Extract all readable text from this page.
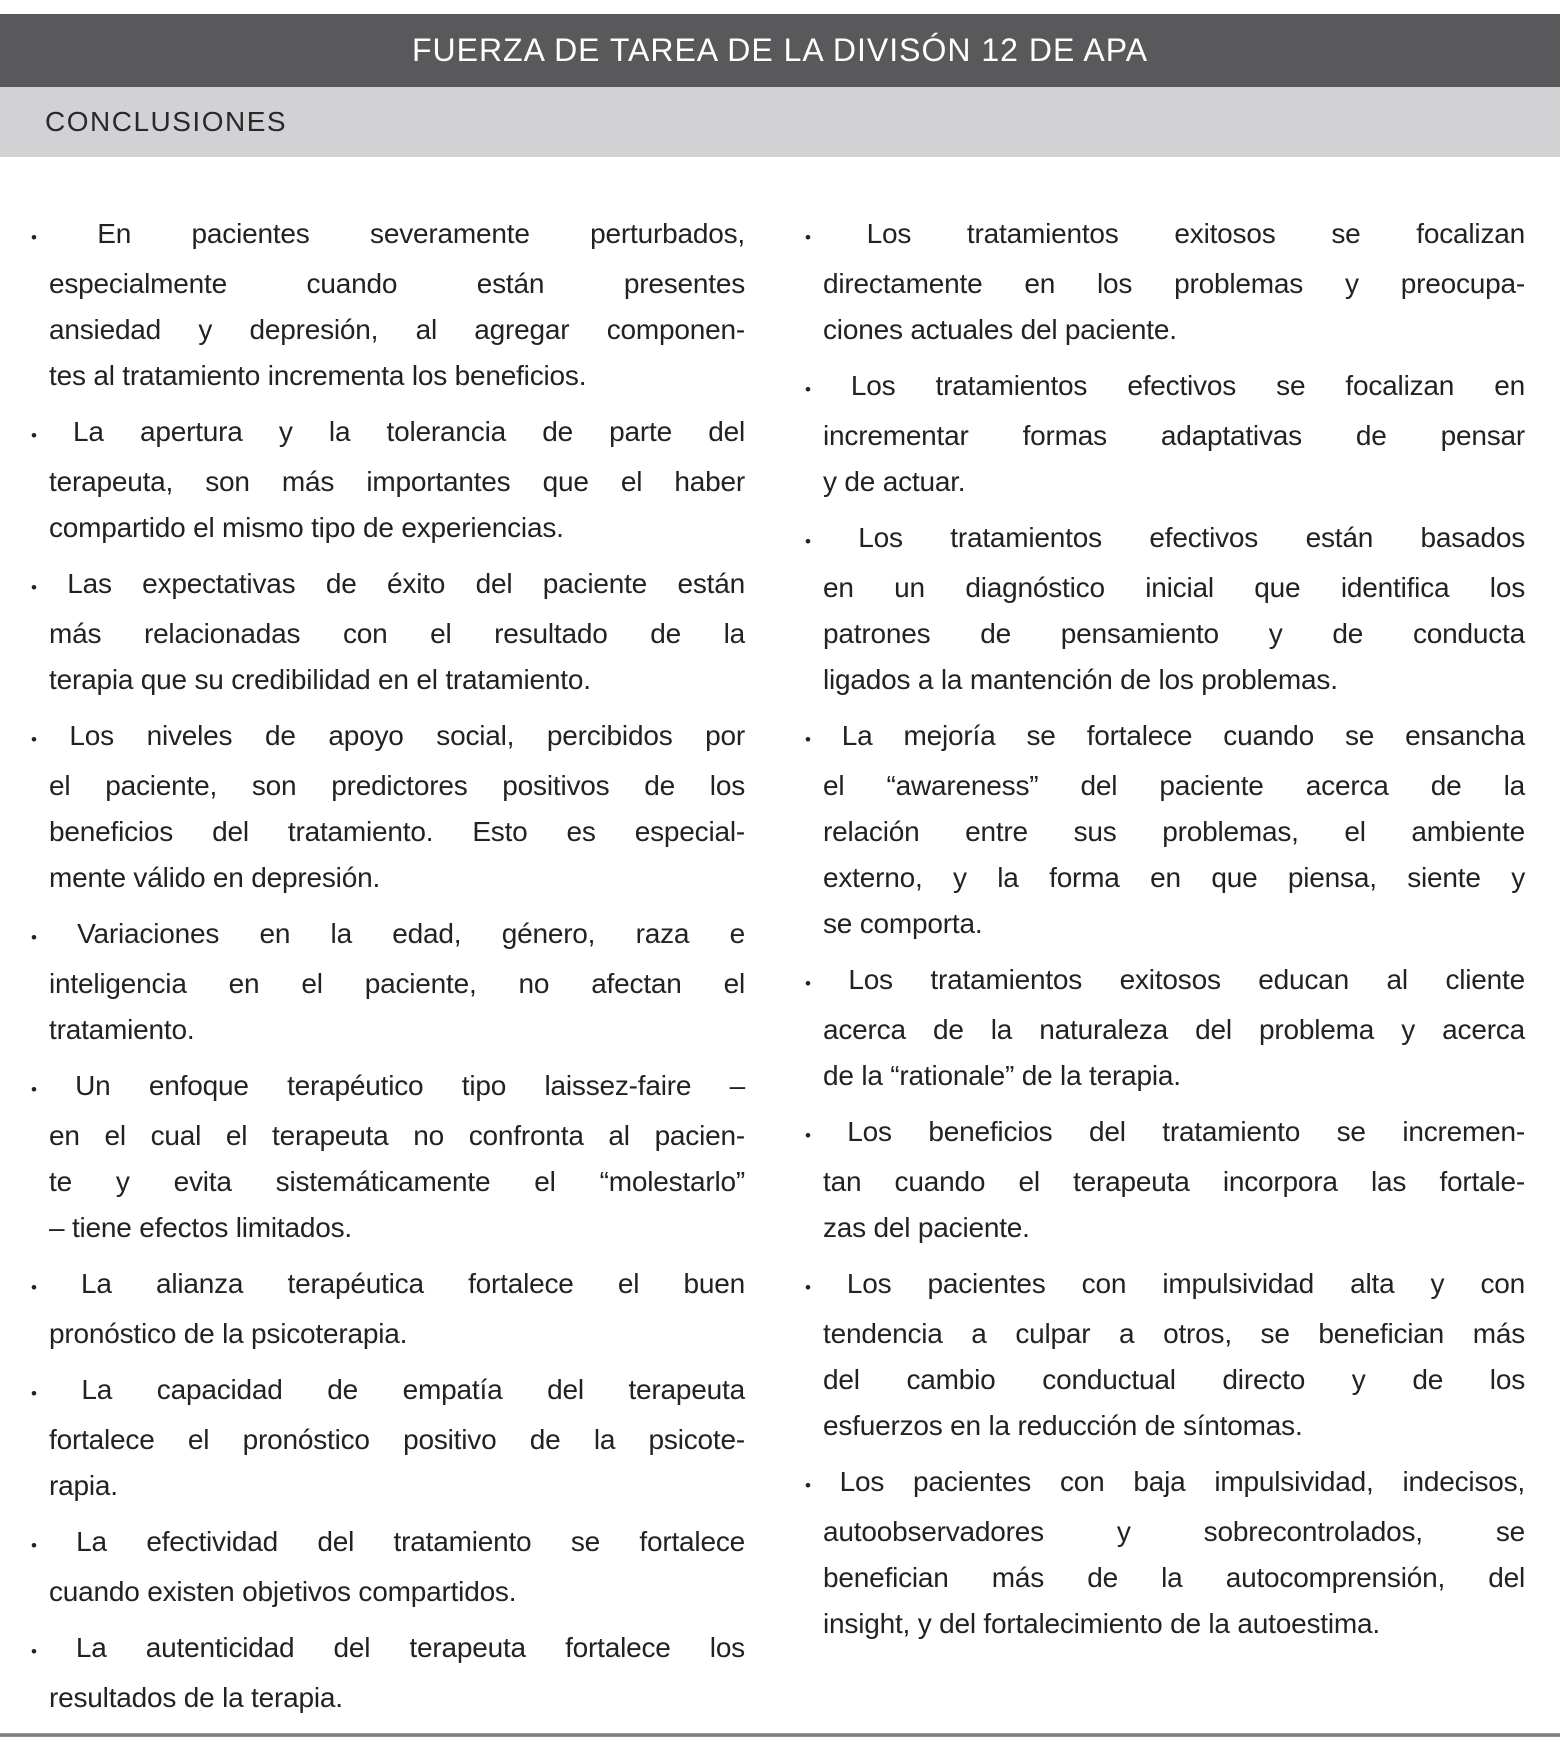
FUERZA DE TAREA DE LA DIVISÓN 12 DE APA
CONCLUSIONES
• En pacientes severamente perturbados,
especialmente cuando están presentes
ansiedad y depresión, al agregar componen-
tes al tratamiento incrementa los beneficios.
• La apertura y la tolerancia de parte del
terapeuta, son más importantes que el haber
compartido el mismo tipo de experiencias.
• Las expectativas de éxito del paciente están
más relacionadas con el resultado de la
terapia que su credibilidad en el tratamiento.
• Los niveles de apoyo social, percibidos por
el paciente, son predictores positivos de los
beneficios del tratamiento. Esto es especial-
mente válido en depresión.
• Variaciones en la edad, género, raza e
inteligencia en el paciente, no afectan el
tratamiento.
• Un enfoque terapéutico tipo laissez-faire –
en el cual el terapeuta no confronta al pacien-
te y evita sistemáticamente el “molestarlo”
– tiene efectos limitados.
• La alianza terapéutica fortalece el buen
pronóstico de la psicoterapia.
• La capacidad de empatía del terapeuta
fortalece el pronóstico positivo de la psicote-
rapia.
• La efectividad del tratamiento se fortalece
cuando existen objetivos compartidos.
• La autenticidad del terapeuta fortalece los
resultados de la terapia.
• Los tratamientos exitosos se focalizan
directamente en los problemas y preocupa-
ciones actuales del paciente.
• Los tratamientos efectivos se focalizan en
incrementar formas adaptativas de pensar
y de actuar.
• Los tratamientos efectivos están basados
en un diagnóstico inicial que identifica los
patrones de pensamiento y de conducta
ligados a la mantención de los problemas.
• La mejoría se fortalece cuando se ensancha
el “awareness” del paciente acerca de la
relación entre sus problemas, el ambiente
externo, y la forma en que piensa, siente y
se comporta.
• Los tratamientos exitosos educan al cliente
acerca de la naturaleza del problema y acerca
de la “rationale” de la terapia.
• Los beneficios del tratamiento se incremen-
tan cuando el terapeuta incorpora las fortale-
zas del paciente.
• Los pacientes con impulsividad alta y con
tendencia a culpar a otros, se benefician más
del cambio conductual directo y de los
esfuerzos en la reducción de síntomas.
• Los pacientes con baja impulsividad, indecisos,
autoobservadores y sobrecontrolados, se
benefician más de la autocomprensión, del
insight, y del fortalecimiento de la autoestima.
